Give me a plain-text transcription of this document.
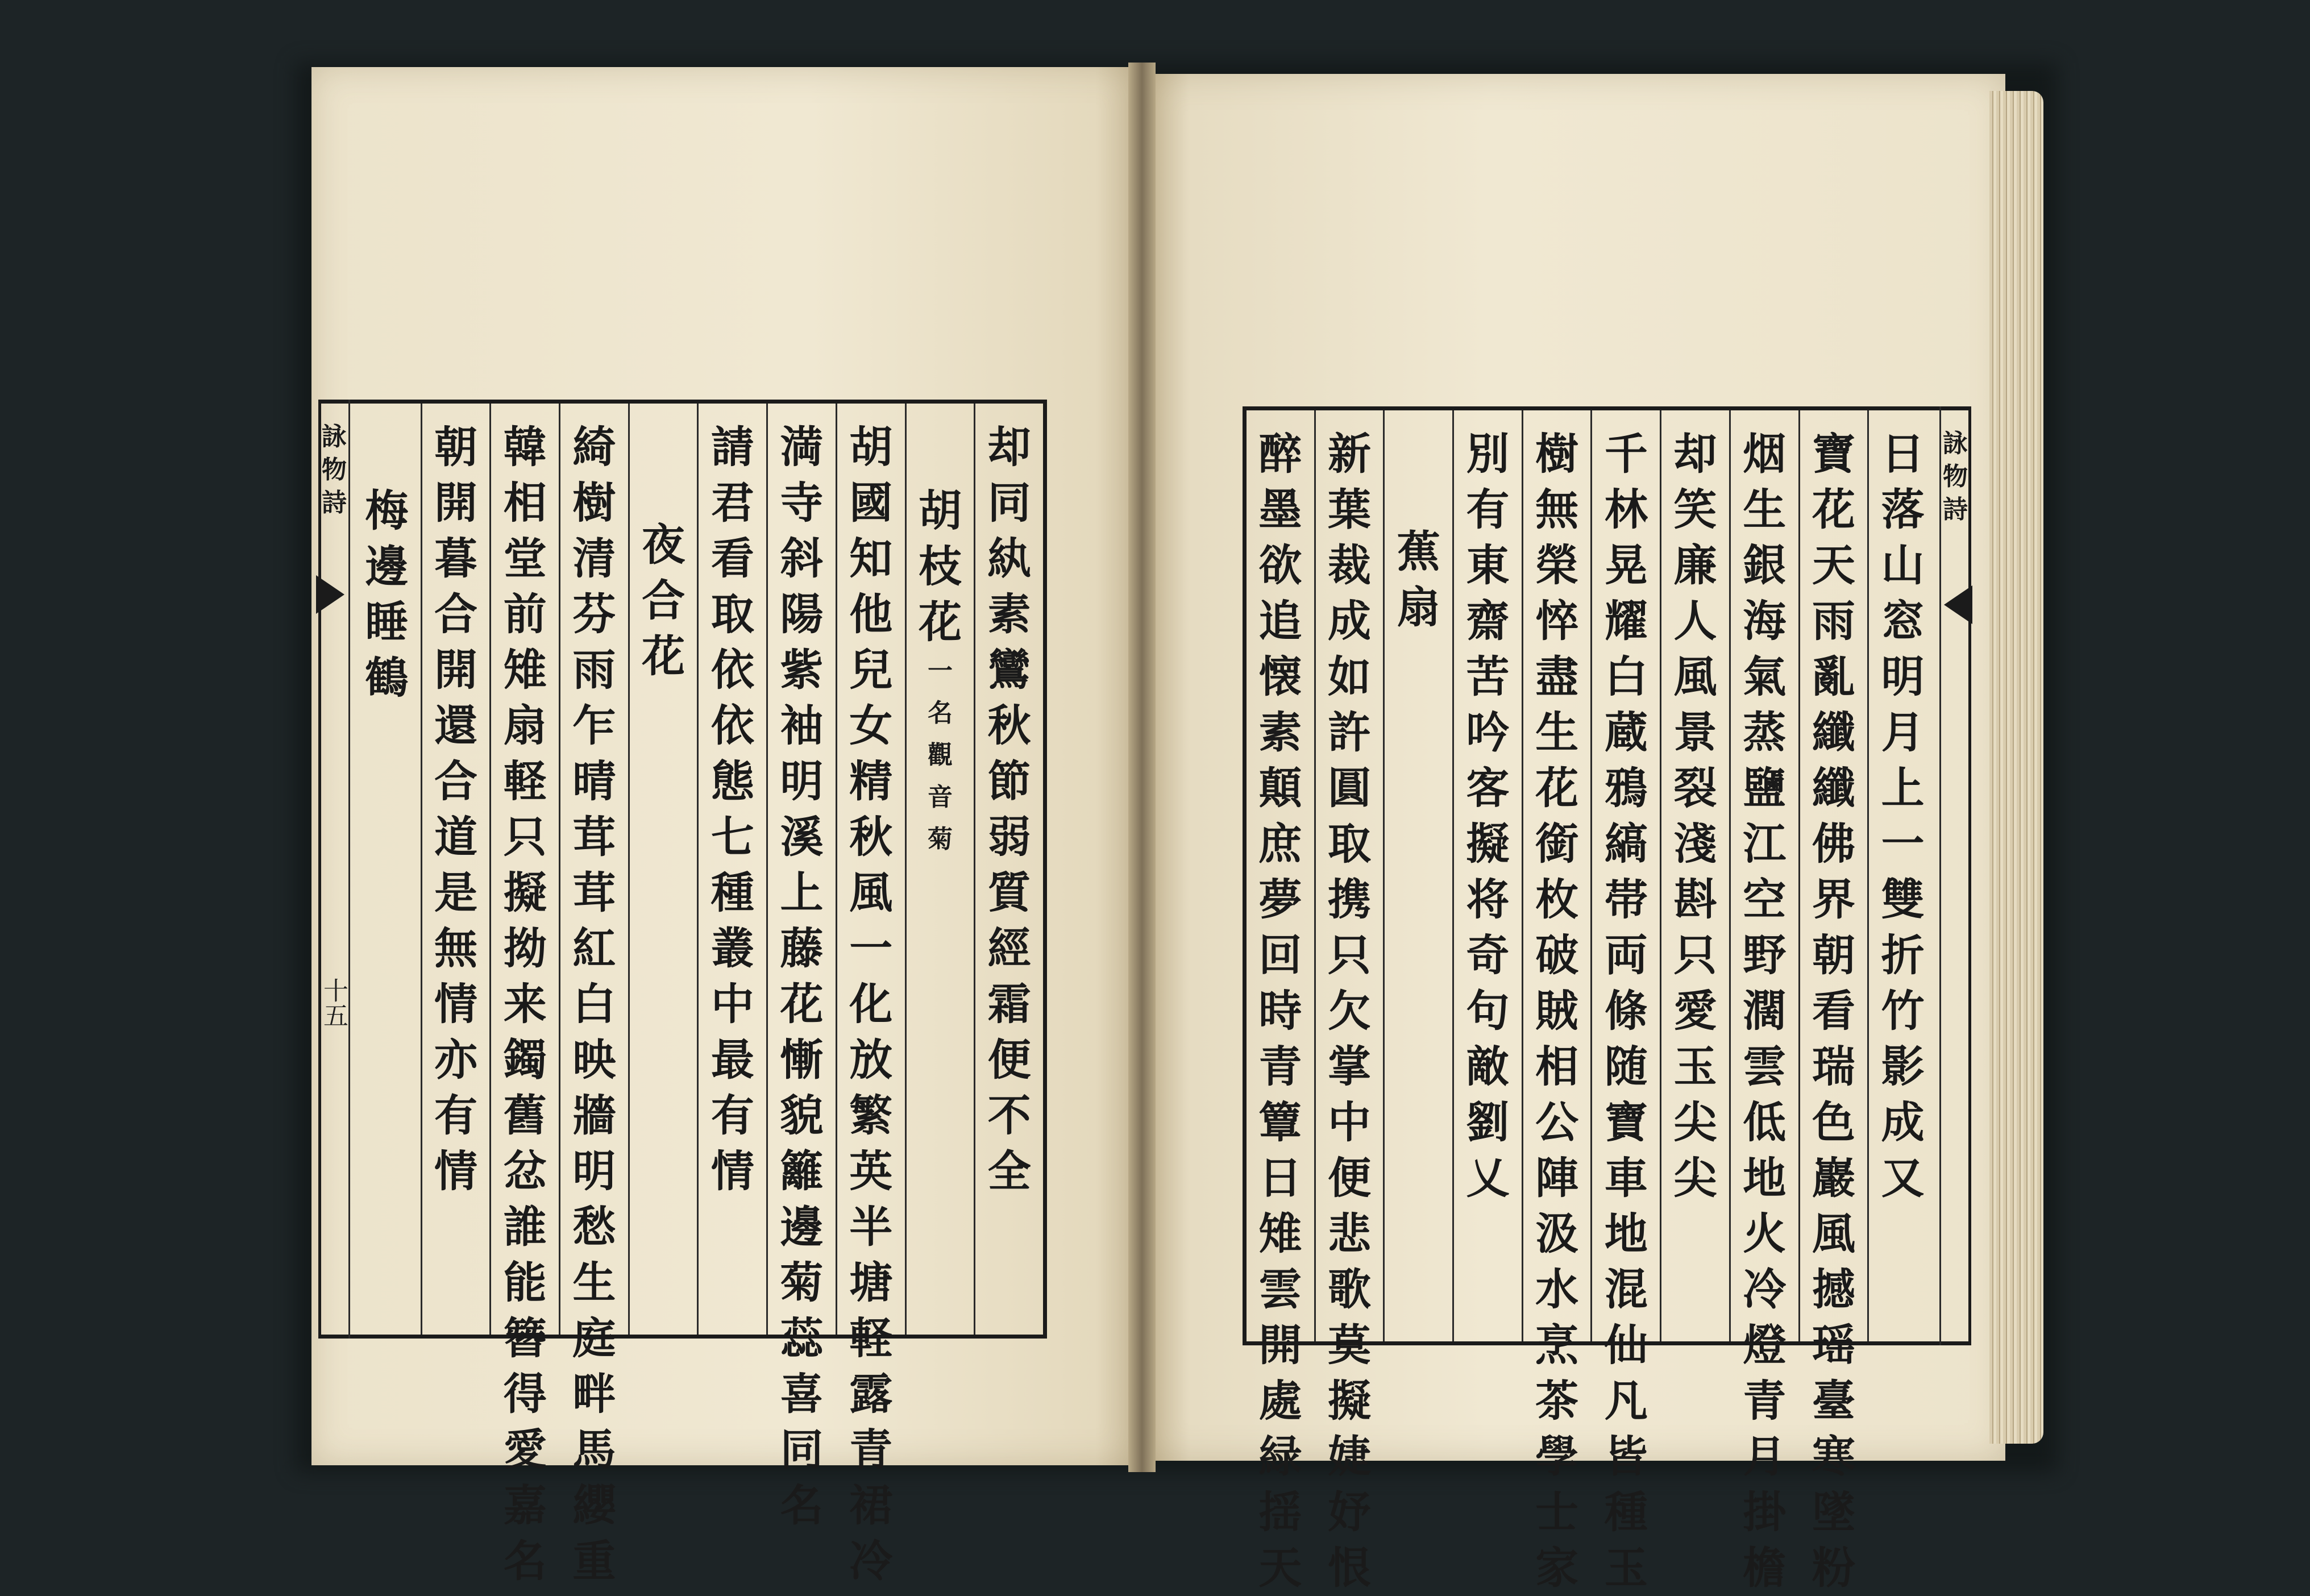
却
同
紈
素
鸞
秋
節
弱
質
經
霜
便
不
全
胡
枝
花
一
名
觀
音
菊
胡
國
知
他
兒
女
精
秋
風
一
化
放
繁
英
半
塘
軽
露
青
裙
冷
満
寺
斜
陽
紫
袖
明
溪
上
藤
花
慚
貌
籬
邊
菊
蕊
喜
同
名
請
君
看
取
依
依
態
七
種
叢
中
最
有
情
夜
合
花
綺
樹
清
芬
雨
乍
晴
茸
茸
紅
白
映
牆
明
愁
生
庭
畔
馬
纓
重
韓
相
堂
前
雉
扇
軽
只
擬
拗
来
鐲
舊
忿
誰
能
簪
得
愛
嘉
名
朝
開
暮
合
開
還
合
道
是
無
情
亦
有
情
梅
邊
睡
鶴
詠
物
詩
十五
日
落
山
窓
明
月
上
一
雙
折
竹
影
成
又
寶
花
天
雨
亂
纖
纖
佛
界
朝
看
瑞
色
巖
風
撼
瑶
臺
寒
墜
粉
烟
生
銀
海
氣
蒸
鹽
江
空
野
濶
雲
低
地
火
冷
燈
青
月
掛
檐
却
笑
廉
人
風
景
裂
淺
斟
只
愛
玉
尖
尖
千
林
晃
耀
白
蔵
鴉
縞
帯
両
條
随
寶
車
地
混
仙
凡
皆
種
玉
樹
無
榮
悴
盡
生
花
銜
枚
破
賊
相
公
陣
汲
水
烹
茶
學
士
家
別
有
東
齋
苦
吟
客
擬
将
奇
句
敵
劉
乂
蕉
扇
新
葉
裁
成
如
許
圓
取
携
只
欠
掌
中
便
悲
歌
莫
擬
婕
妤
恨
醉
墨
欲
追
懐
素
顛
庶
夢
回
時
青
簟
日
雉
雲
開
處
緑
揺
天
詠
物
詩
